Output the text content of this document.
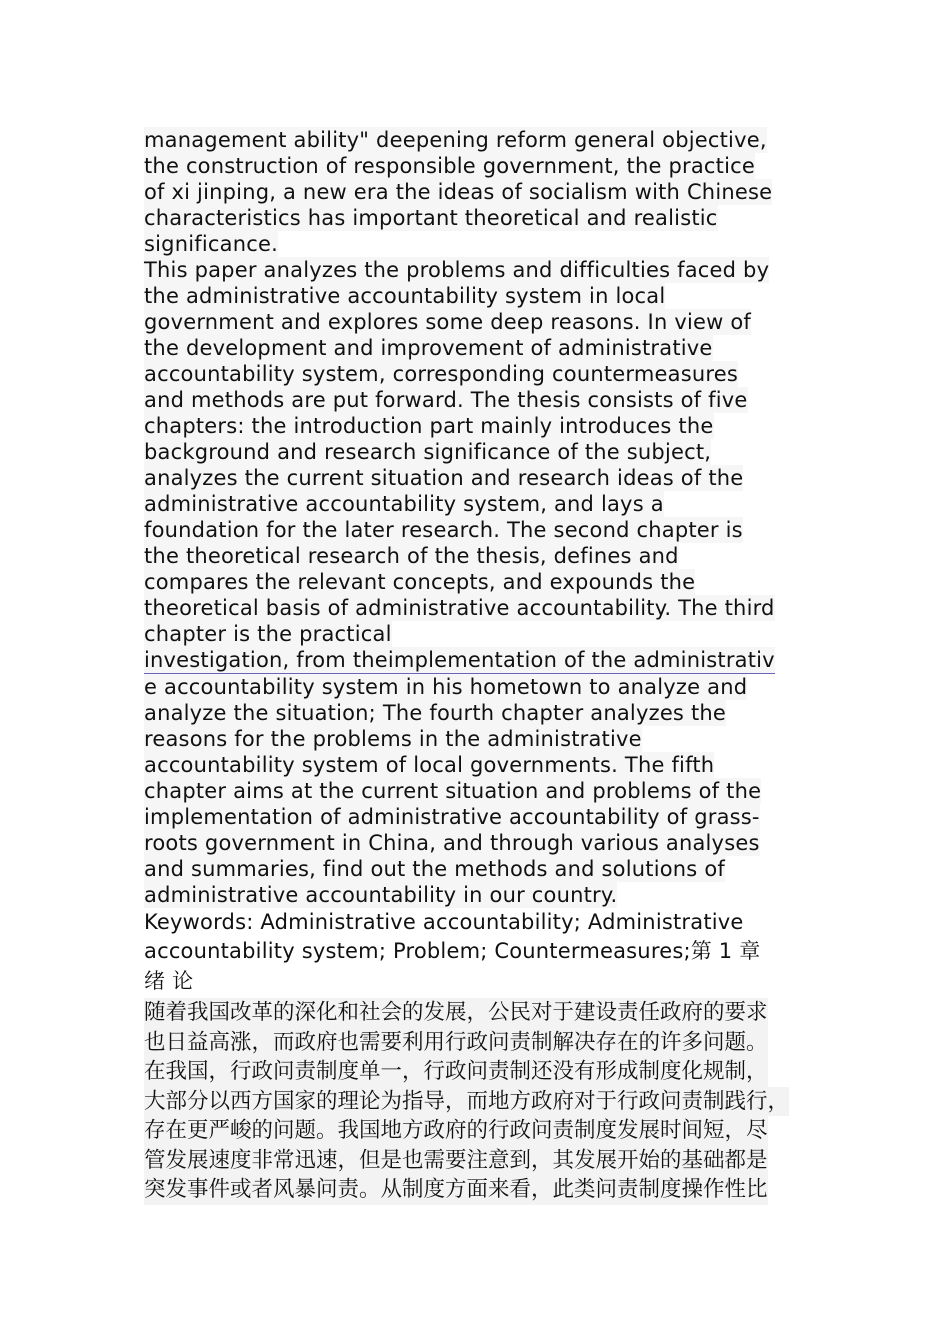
management ability" deepening reform general objective,
the construction of responsible government, the practice
of xi jinping, a new era the ideas of socialism with Chinese
characteristics has important theoretical and realistic
significance.
This paper analyzes the problems and difficulties faced by
the administrative accountability system in local
government and explores some deep reasons. In view of
the development and improvement of administrative
accountability system, corresponding countermeasures
and methods are put forward. The thesis consists of five
chapters: the introduction part mainly introduces the
background and research significance of the subject,
analyzes the current situation and research ideas of the
administrative accountability system, and lays a
foundation for the later research. The second chapter is
the theoretical research of the thesis, defines and
compares the relevant concepts, and expounds the
theoretical basis of administrative accountability. The third
chapter is the practical
investigation, from theimplementation of the administrativ
e accountability system in his hometown to analyze and
analyze the situation; The fourth chapter analyzes the
reasons for the problems in the administrative
accountability system of local governments. The fifth
chapter aims at the current situation and problems of the
implementation of administrative accountability of grass-
roots government in China, and through various analyses
and summaries, find out the methods and solutions of
administrative accountability in our country.
Keywords: Administrative accountability; Administrative
accountability system; Problem; Countermeasures;第 1 章
绪 论
随着我国改革的深化和社会的发展，公民对于建设责任政府的要求
也日益高涨，而政府也需要利用行政问责制解决存在的许多问题。
在我国，行政问责制度单一，行政问责制还没有形成制度化规制，
大部分以西方国家的理论为指导，而地方政府对于行政问责制践行，
存在更严峻的问题。我国地方政府的行政问责制度发展时间短，尽
管发展速度非常迅速，但是也需要注意到，其发展开始的基础都是
突发事件或者风暴问责。从制度方面来看，此类问责制度操作性比
